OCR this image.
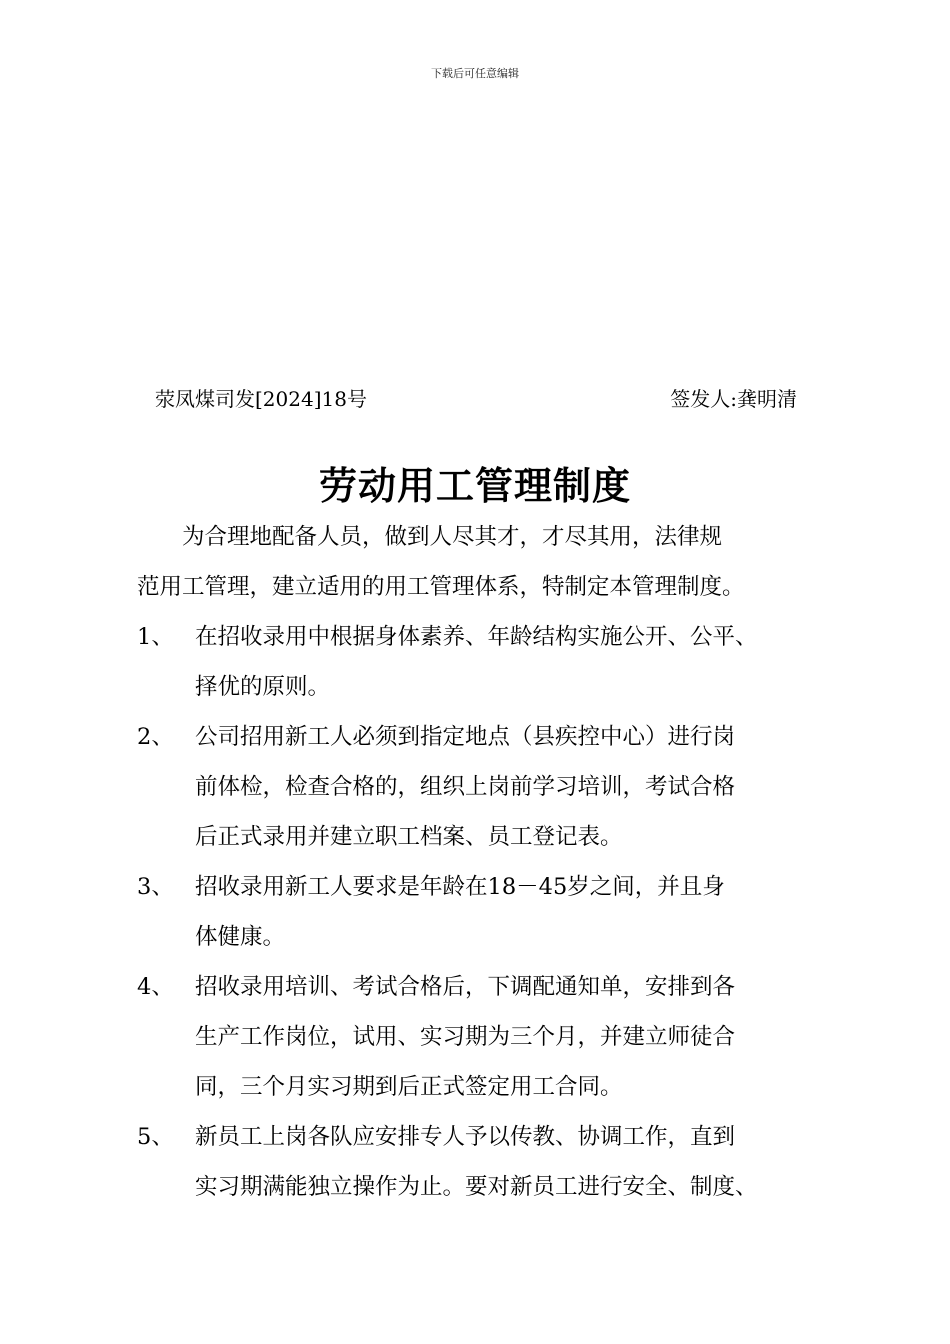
下载后可任意编辑
荥凤煤司发[2024]18号	签发人:龚明清
劳动用工管理制度
为合理地配备人员，做到人尽其才，才尽其用，法律规
范用工管理，建立适用的用工管理体系，特制定本管理制度。
1、 在招收录用中根据身体素养、年龄结构实施公开、公平、
择优的原则。
2、 公司招用新工人必须到指定地点（县疾控中心）进行岗
前体检，检查合格的，组织上岗前学习培训，考试合格
后正式录用并建立职工档案、员工登记表。
3、 招收录用新工人要求是年龄在18－45岁之间，并且身
体健康。
4、 招收录用培训、考试合格后，下调配通知单，安排到各
生产工作岗位，试用、实习期为三个月，并建立师徒合
同，三个月实习期到后正式签定用工合同。
5、 新员工上岗各队应安排专人予以传教、协调工作，直到
实习期满能独立操作为止。要对新员工进行安全、制度、
